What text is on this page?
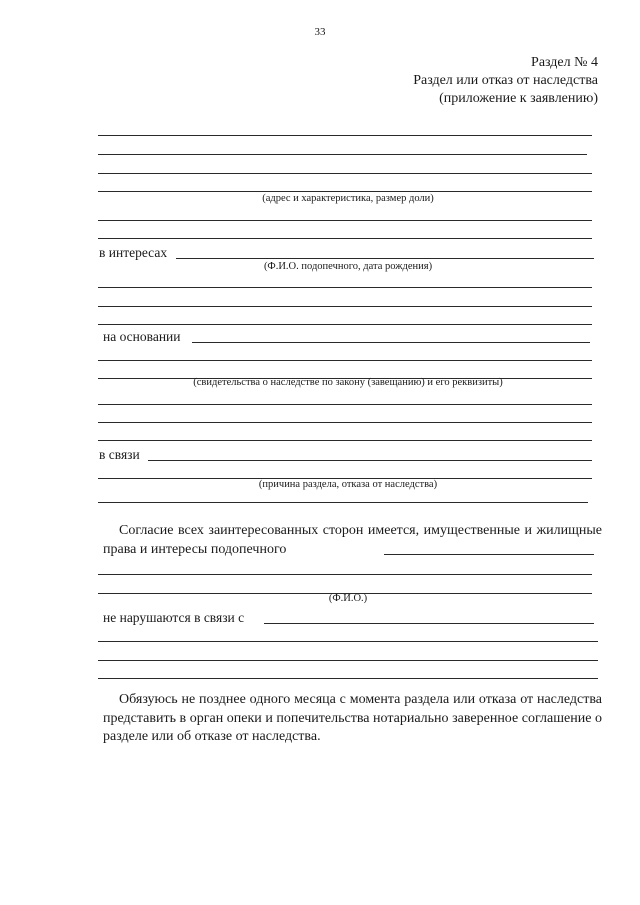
33
Раздел № 4
Раздел или отказ от наследства
(приложение к заявлению)
(адрес и характеристика, размер доли)
в интересах
(Ф.И.О. подопечного, дата рождения)
на основании
(свидетельства о наследстве по закону (завещанию) и его реквизиты)
в связи
(причина раздела, отказа от наследства)

Согласие всех заинтересованных сторон имеется, имущественные и жилищные права и интересы подопечного

(Ф.И.О.)
не нарушаются в связи с

Обязуюсь не позднее одного месяца с момента раздела или отказа от наследства представить в орган опеки и попечительства нотариально заверенное соглашение о разделе или об отказе от наследства.
